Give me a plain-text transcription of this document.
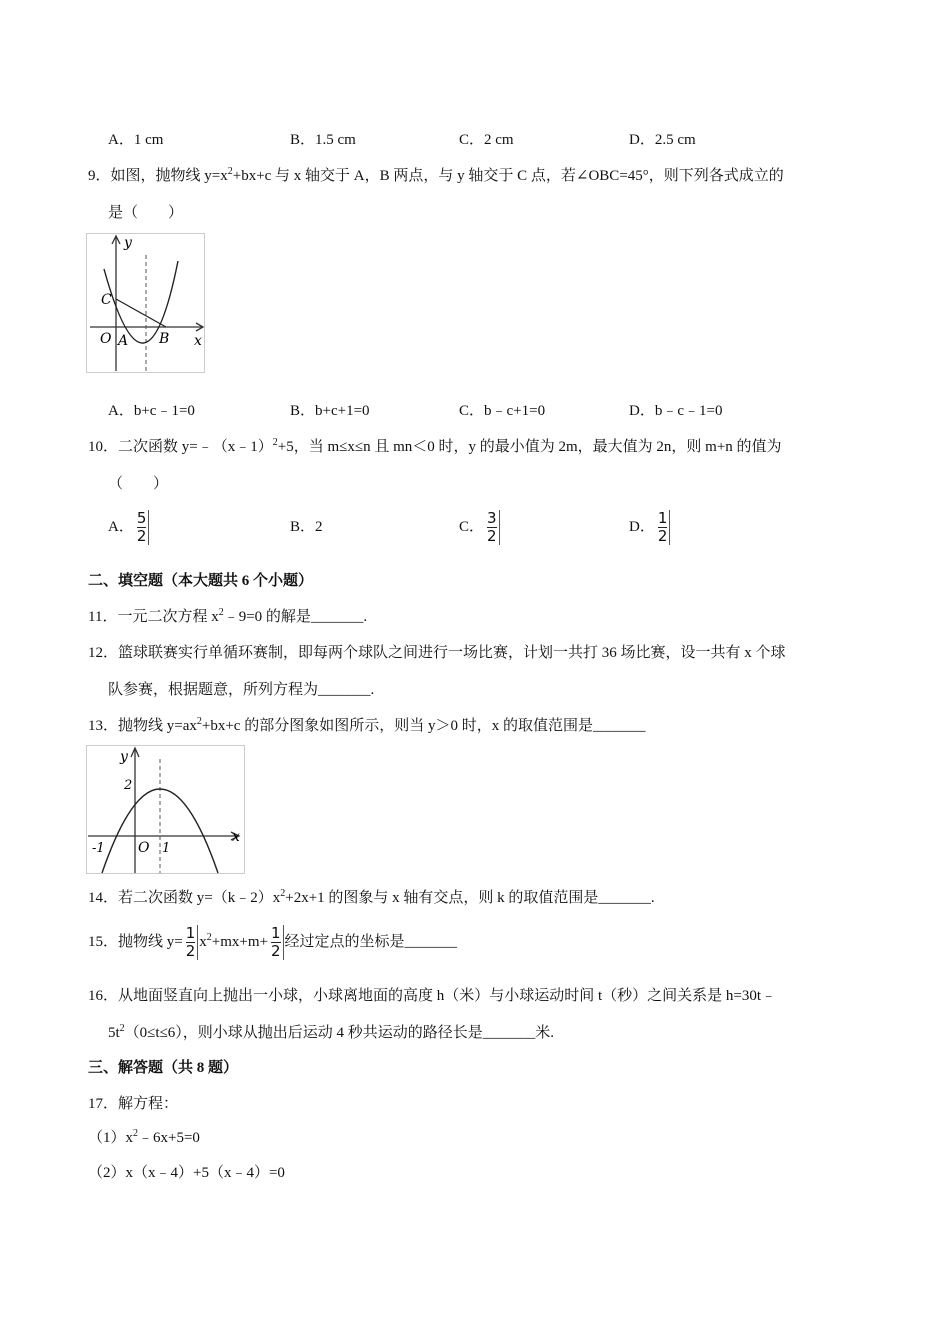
A．1 cm	B．1.5 cm	C．2 cm	D．2.5 cm
9．如图，抛物线 $y=x^2+bx+c$ 与 x 轴交于 A，B 两点，与 y 轴交于 C 点，若∠OBC=45°，则下列各式成立的
是（　　）
y
x
C
O A B
A．b+c﹣1=0	B．b+c+1=0	C．b﹣c+1=0	D．b﹣c﹣1=0
10．二次函数 y=﹣（x﹣1）$^2$+5，当 m≤x≤n 且 mn＜0 时，y 的最小值为 2m，最大值为 2n，则 m+n 的值为
（　　）
A． $\frac{5}{2}$	B．2	C． $\frac{3}{2}$	D． $\frac{1}{2}$
二、填空题（本大题共 6 个小题）
11．一元二次方程 $x^2﹣9=0$ 的解是_______.
12．篮球联赛实行单循环赛制，即每两个球队之间进行一场比赛，计划一共打 36 场比赛，设一共有 x 个球
队参赛，根据题意，所列方程为_______.
13．抛物线 $y=ax^2+bx+c$ 的部分图象如图所示，则当 y＞0 时，x 的取值范围是_______
y
x
2
-1 O 1
14．若二次函数 $y=(k﹣2)x^2+2x+1$ 的图象与 x 轴有交点，则 k 的取值范围是_______.
15．抛物线 $y= \frac{1}{2} x^2+mx+m+ \frac{1}{2}$ 经过定点的坐标是_______
16．从地面竖直向上抛出一小球，小球离地面的高度 h（米）与小球运动时间 t（秒）之间关系是 h=30t﹣
$5t^2(0\le t\le 6)$，则小球从抛出后运动 4 秒共运动的路径长是_______米.
三、解答题（共 8 题）
17．解方程：
$(1)x^2﹣6x+5=0$
（2）x（x﹣4）+5（x﹣4）=0
